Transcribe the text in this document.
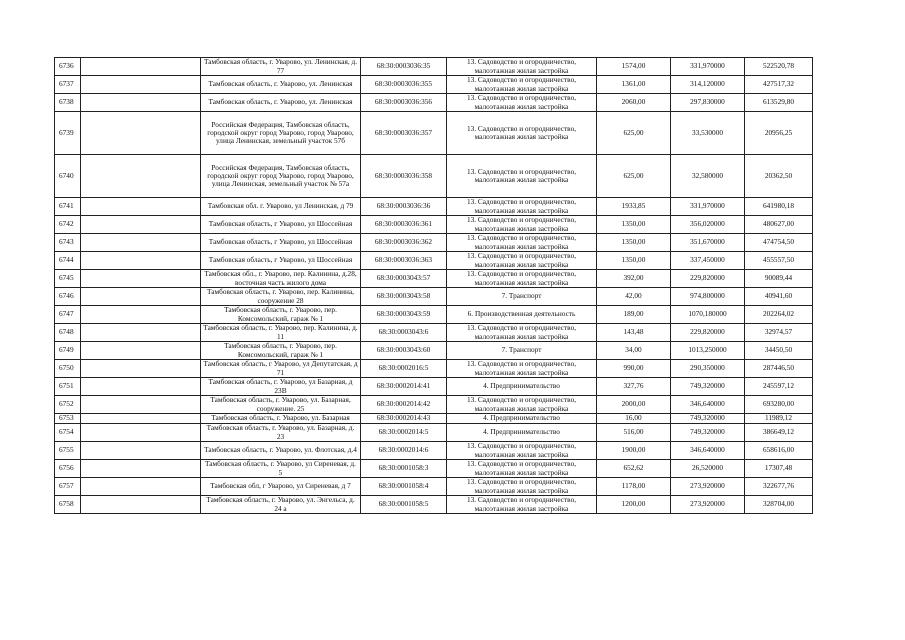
6736		Тамбовская область, г. Уварово, ул. Ленинская, д. 77	68:30:0003036:35	13. Садоводство и огородничество, малоэтажная жилая застройка	1574,00	331,970000	522520,78
6737		Тамбовская область, г. Уварово, ул. Ленинская	68:30:0003036:355	13. Садоводство и огородничество, малоэтажная жилая застройка	1361,00	314,120000	427517,32
6738		Тамбовская область, г. Уварово, ул. Ленинская	68:30:0003036:356	13. Садоводство и огородничество, малоэтажная жилая застройка	2060,00	297,830000	613529,80
6739		Российская Федерация, Тамбовская область, городской округ город Уварово, город Уварово, улица Ленинская, земельный участок 57б	68:30:0003036:357	13. Садоводство и огородничество, малоэтажная жилая застройка	625,00	33,530000	20956,25
6740		Российская Федерация, Тамбовская область, городской округ город Уварово, город Уварово, улица Ленинская, земельный участок № 57а	68:30:0003036:358	13. Садоводство и огородничество, малоэтажная жилая застройка	625,00	32,580000	20362,50
6741		Тамбовская обл. г. Уварово, ул Ленинская, д 79	68:30:0003036:36	13. Садоводство и огородничество, малоэтажная жилая застройка	1933,85	331,970000	641980,18
6742		Тамбовская область, г Уварово, ул Шоссейная	68:30:0003036:361	13. Садоводство и огородничество, малоэтажная жилая застройка	1350,00	356,020000	480627,00
6743		Тамбовская область, г Уварово, ул Шоссейная	68:30:0003036:362	13. Садоводство и огородничество, малоэтажная жилая застройка	1350,00	351,670000	474754,50
6744		Тамбовская область, г Уварово, ул Шоссейная	68:30:0003036:363	13. Садоводство и огородничество, малоэтажная жилая застройка	1350,00	337,450000	455557,50
6745		Тамбовская обл., г. Уварово, пер. Калинина, д.28, восточная часть жилого дома	68:30:0003043:57	13. Садоводство и огородничество, малоэтажная жилая застройка	392,00	229,820000	90089,44
6746		Тамбовская область, г. Уварово, пер. Калинина, сооружение 28	68:30:0003043:58	7. Транспорт	42,00	974,800000	40941,60
6747		Тамбовская область, г. Уварово, пер. Комсомольский, гараж № 1	68:30:0003043:59	6. Производственная деятельность	189,00	1070,180000	202264,02
6748		Тамбовская область, г. Уварово, пер. Калинина, д. 11	68:30:0003043:6	13. Садоводство и огородничество, малоэтажная жилая застройка	143,48	229,820000	32974,57
6749		Тамбовская область, г. Уварово, пер. Комсомольский, гараж № 1	68:30:0003043:60	7. Транспорт	34,00	1013,250000	34450,50
6750		Тамбовская область, г Уварово, ул Депутатская, д 71	68:30:0002016:5	13. Садоводство и огородничество, малоэтажная жилая застройка	990,00	290,350000	287446,50
6751		Тамбовская область, г. Уварово, ул Базарная, д 23В	68:30:0002014:41	4. Предпринимательство	327,76	749,320000	245597,12
6752		Тамбовская область, г. Уварово, ул. Базарная, сооружение. 25	68:30:0002014:42	13. Садоводство и огородничество, малоэтажная жилая застройка	2000,00	346,640000	693280,00
6753		Тамбовская область, г. Уварово, ул. Базарная	68:30:0002014:43	4. Предпринимательство	16,00	749,320000	11989,12
6754		Тамбовская область, г. Уварово, ул. Базарная, д. 23	68:30:0002014:5	4. Предпринимательство	516,00	749,320000	386649,12
6755		Тамбовская область, г. Уварово, ул. Флотская, д.4	68:30:0002014:6	13. Садоводство и огородничество, малоэтажная жилая застройка	1900,00	346,640000	658616,00
6756		Тамбовская область, г. Уварово, ул Сиреневая, д. 5	68:30:0001058:3	13. Садоводство и огородничество, малоэтажная жилая застройка	652,62	26,520000	17307,48
6757		Тамбовская обл, г Уварово, ул Сиреневая, д 7	68:30:0001058:4	13. Садоводство и огородничество, малоэтажная жилая застройка	1178,00	273,920000	322677,76
6758		Тамбовская область, г. Уварово, ул. Энгельса, д. 24 а	68:30:0001058:5	13. Садоводство и огородничество, малоэтажная жилая застройка	1200,00	273,920000	328704,00
